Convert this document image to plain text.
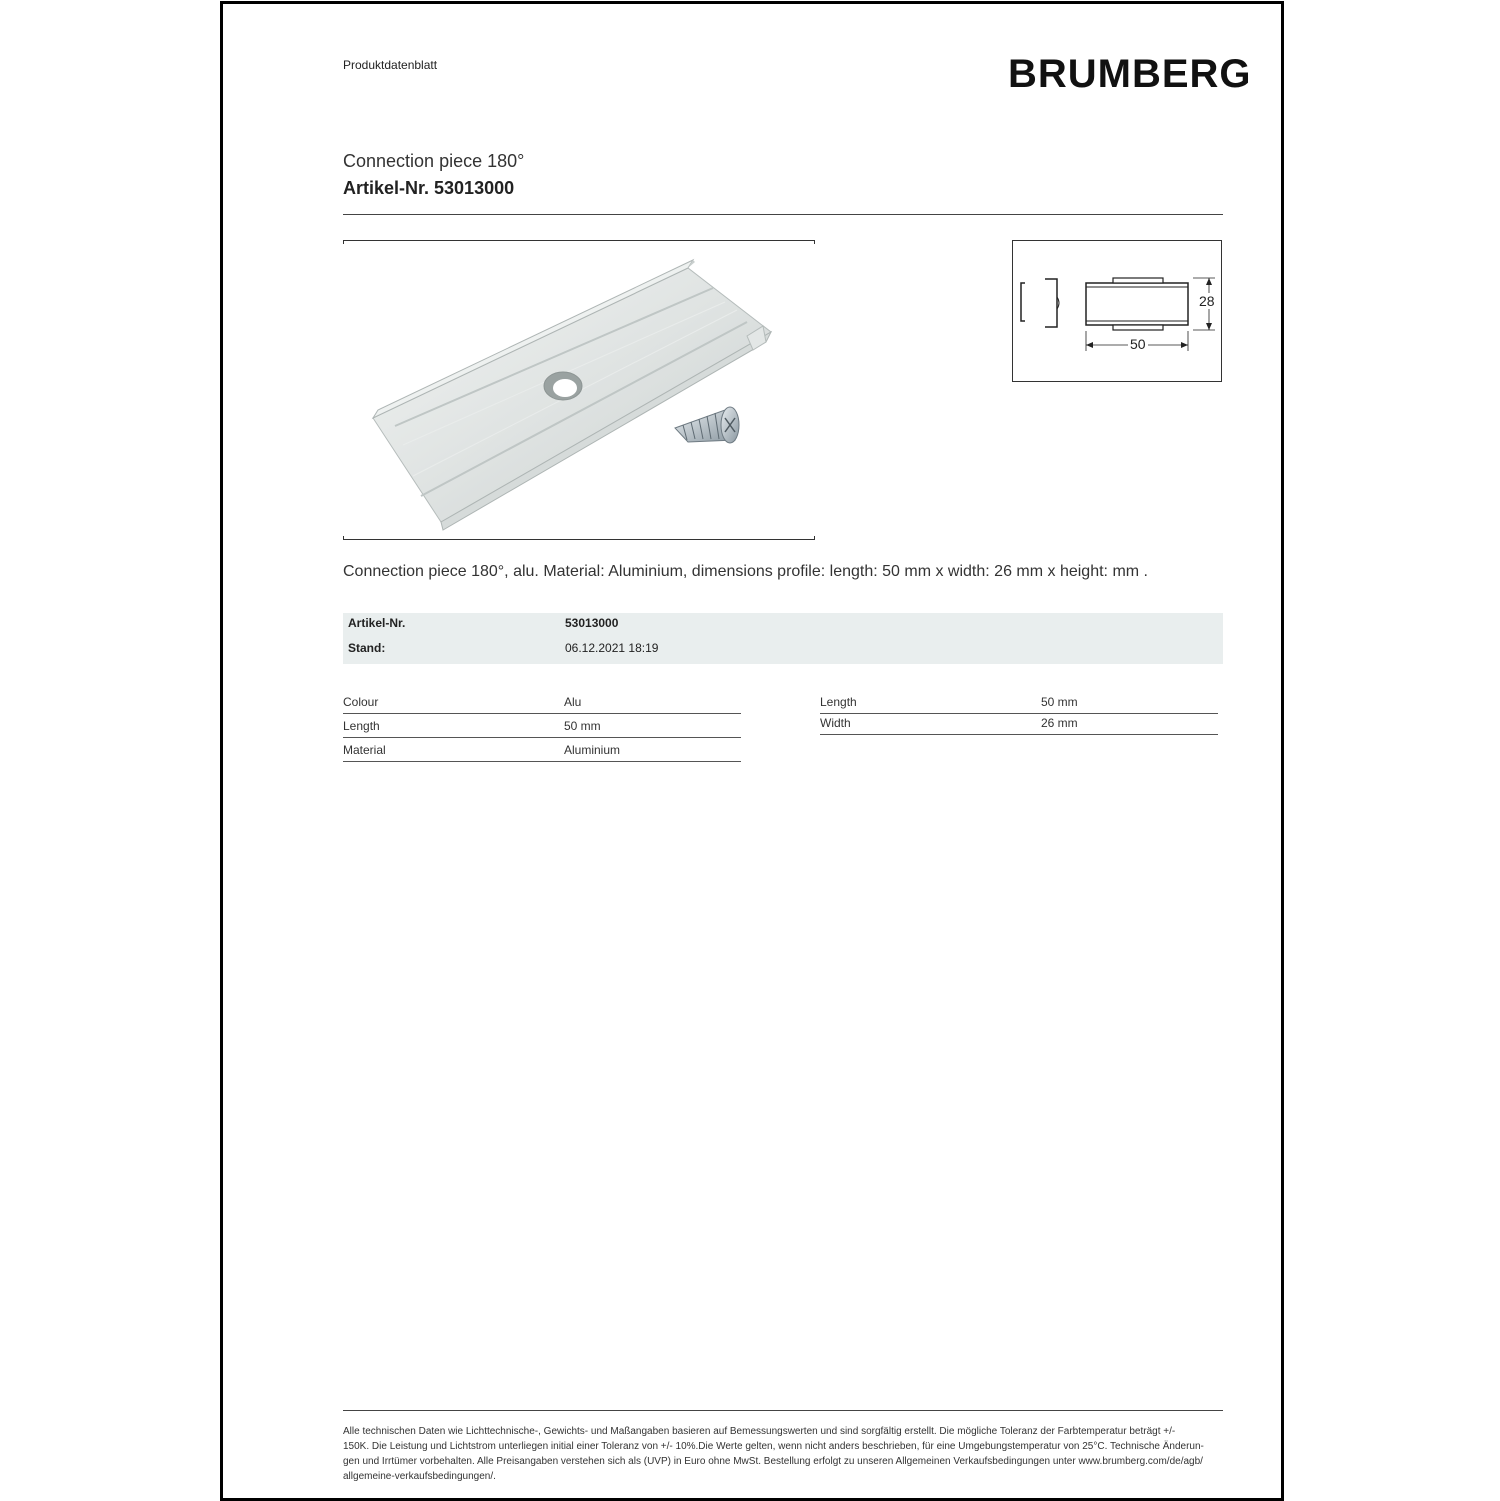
Produktdatenblatt	BRUMBERG
Connection piece 180°
Artikel-Nr. 53013000
28
50
Connection piece 180°, alu. Material: Aluminium, dimensions profile: length: 50 mm x width: 26 mm x height: mm .
Artikel-Nr.	53013000
Stand:	06.12.2021 18:19
Colour	Alu
Length	50 mm
Material	Aluminium
Length	50 mm
Width	26 mm
Alle technischen Daten wie Lichttechnische-, Gewichts- und Maßangaben basieren auf Bemessungswerten und sind sorgfältig erstellt. Die mögliche Toleranz der Farbtemperatur beträgt +/-
150K. Die Leistung und Lichtstrom unterliegen initial einer Toleranz von +/- 10%.Die Werte gelten, wenn nicht anders beschrieben, für eine Umgebungstemperatur von 25°C. Technische Änderun-
gen und Irrtümer vorbehalten. Alle Preisangaben verstehen sich als (UVP) in Euro ohne MwSt. Bestellung erfolgt zu unseren Allgemeinen Verkaufsbedingungen unter www.brumberg.com/de/agb/
allgemeine-verkaufsbedingungen/.
